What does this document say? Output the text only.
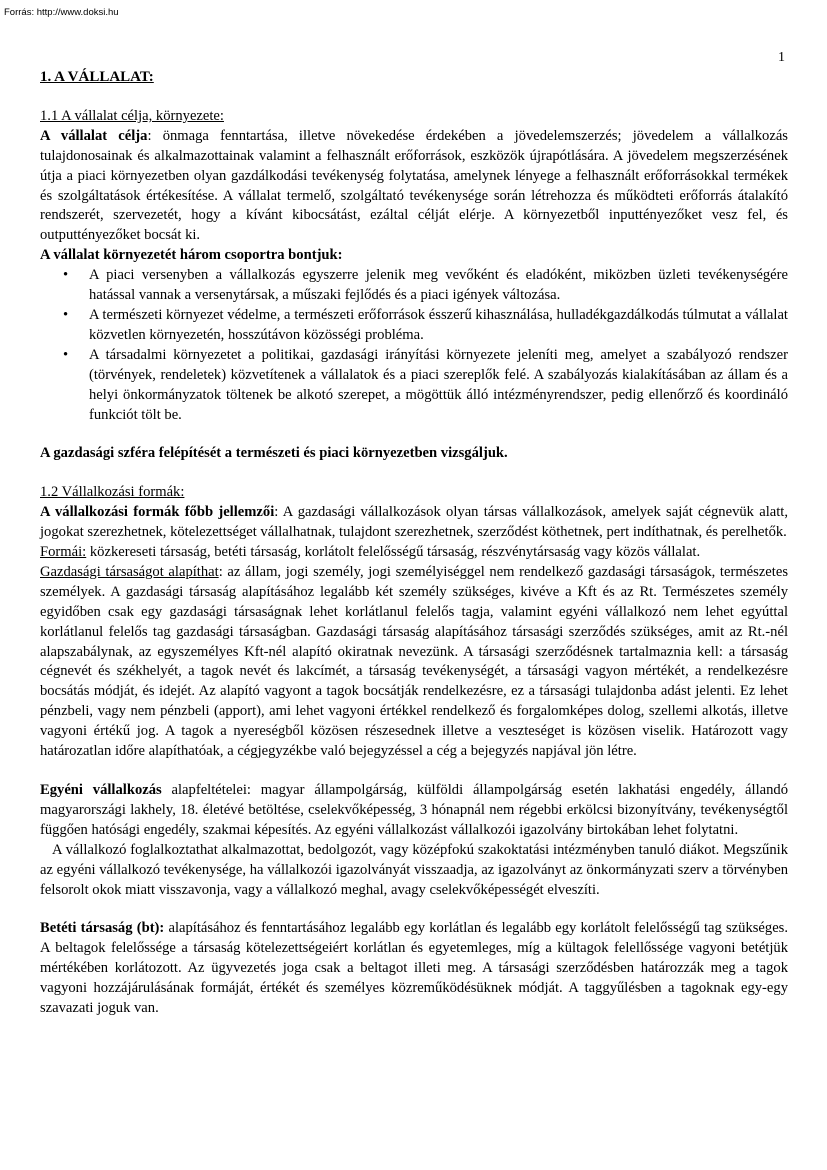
Forrás: http://www.doksi.hu
1

1. A VÁLLALAT:

1.1 A vállalat célja, környezete:

A vállalat célja: önmaga fenntartása, illetve növekedése érdekében a jövedelemszerzés; jövedelem a vállalkozás tulajdonosainak és alkalmazottainak valamint a felhasznált erőforrások, eszközök újrapótlására. A jövedelem megszerzésének útja a piaci környezetben olyan gazdálkodási tevékenység folytatása, amelynek lényege a felhasznált erőforrásokkal termékek és szolgáltatások értékesítése. A vállalat termelő, szolgáltató tevékenysége során létrehozza és működteti erőforrás átalakító rendszerét, szervezetét, hogy a kívánt kibocsátást, ezáltal célját elérje. A környezetből inputtényezőket vesz fel, és outputtényezőket bocsát ki.

A vállalat környezetét három csoportra bontjuk:

• A piaci versenyben a vállalkozás egyszerre jelenik meg vevőként és eladóként, miközben üzleti tevékenységére hatással vannak a versenytársak, a műszaki fejlődés és a piaci igények változása.
• A természeti környezet védelme, a természeti erőforrások ésszerű kihasználása, hulladékgazdálkodás túlmutat a vállalat közvetlen környezetén, hosszútávon közösségi probléma.
• A társadalmi környezetet a politikai, gazdasági irányítási környezete jeleníti meg, amelyet a szabályozó rendszer (törvények, rendeletek) közvetítenek a vállalatok és a piaci szereplők felé. A szabályozás kialakításában az állam és a helyi önkormányzatok töltenek be alkotó szerepet, a mögöttük álló intézményrendszer, pedig ellenőrző és koordináló funkciót tölt be.

A gazdasági szféra felépítését a természeti és piaci környezetben vizsgáljuk.

1.2 Vállalkozási formák:

A vállalkozási formák főbb jellemzői: A gazdasági vállalkozások olyan társas vállalkozások, amelyek saját cégnevük alatt, jogokat szerezhetnek, kötelezettséget vállalhatnak, tulajdont szerezhetnek, szerződést köthetnek, pert indíthatnak, és perelhetők.

Formái: közkereseti társaság, betéti társaság, korlátolt felelősségű társaság, részvénytársaság vagy közös vállalat.

Gazdasági társaságot alapíthat: az állam, jogi személy, jogi személyiséggel nem rendelkező gazdasági társaságok, természetes személyek. A gazdasági társaság alapításához legalább két személy szükséges, kivéve a Kft és az Rt. Természetes személy egyidőben csak egy gazdasági társaságnak lehet korlátlanul felelős tagja, valamint egyéni vállalkozó nem lehet egyúttal korlátlanul felelős tag gazdasági társaságban. Gazdasági társaság alapításához társasági szerződés szükséges, amit az Rt.-nél alapszabálynak, az egyszemélyes Kft-nél alapító okiratnak nevezünk. A társasági szerződésnek tartalmaznia kell: a társaság cégnevét és székhelyét, a tagok nevét és lakcímét, a társaság tevékenységét, a társasági vagyon mértékét, a rendelkezésre bocsátás módját, és idejét. Az alapító vagyont a tagok bocsátják rendelkezésre, ez a társasági tulajdonba adást jelenti. Ez lehet pénzbeli, vagy nem pénzbeli (apport), ami lehet vagyoni értékkel rendelkező és forgalomképes dolog, szellemi alkotás, illetve vagyoni értékű jog. A tagok a nyereségből közösen részesednek illetve a veszteséget is közösen viselik. Határozott vagy határozatlan időre alapíthatóak, a cégjegyzékbe való bejegyzéssel a cég a bejegyzés napjával jön létre.

Egyéni vállalkozás alapfeltételei: magyar állampolgárság, külföldi állampolgárság esetén lakhatási engedély, állandó magyarországi lakhely, 18. életévé betöltése, cselekvőképesség, 3 hónapnál nem régebbi erkölcsi bizonyítvány, tevékenységtől függően hatósági engedély, szakmai képesítés. Az egyéni vállalkozást vállalkozói igazolvány birtokában lehet folytatni.

A vállalkozó foglalkoztathat alkalmazottat, bedolgozót, vagy középfokú szakoktatási intézményben tanuló diákot. Megszűnik az egyéni vállalkozó tevékenysége, ha vállalkozói igazolványát visszaadja, az igazolványt az önkormányzati szerv a törvényben felsorolt okok miatt visszavonja, vagy a vállalkozó meghal, avagy cselekvőképességét elveszíti.

Betéti társaság (bt): alapításához és fenntartásához legalább egy korlátlan és legalább egy korlátolt felelősségű tag szükséges. A beltagok felelőssége a társaság kötelezettségeiért korlátlan és egyetemleges, míg a kültagok felellőssége vagyoni betétjük mértékében korlátozott. Az ügyvezetés joga csak a beltagot illeti meg. A társasági szerződésben határozzák meg a tagok vagyoni hozzájárulásának formáját, értékét és személyes közreműködésüknek módját. A taggyűlésben a tagoknak egy-egy szavazati joguk van.
